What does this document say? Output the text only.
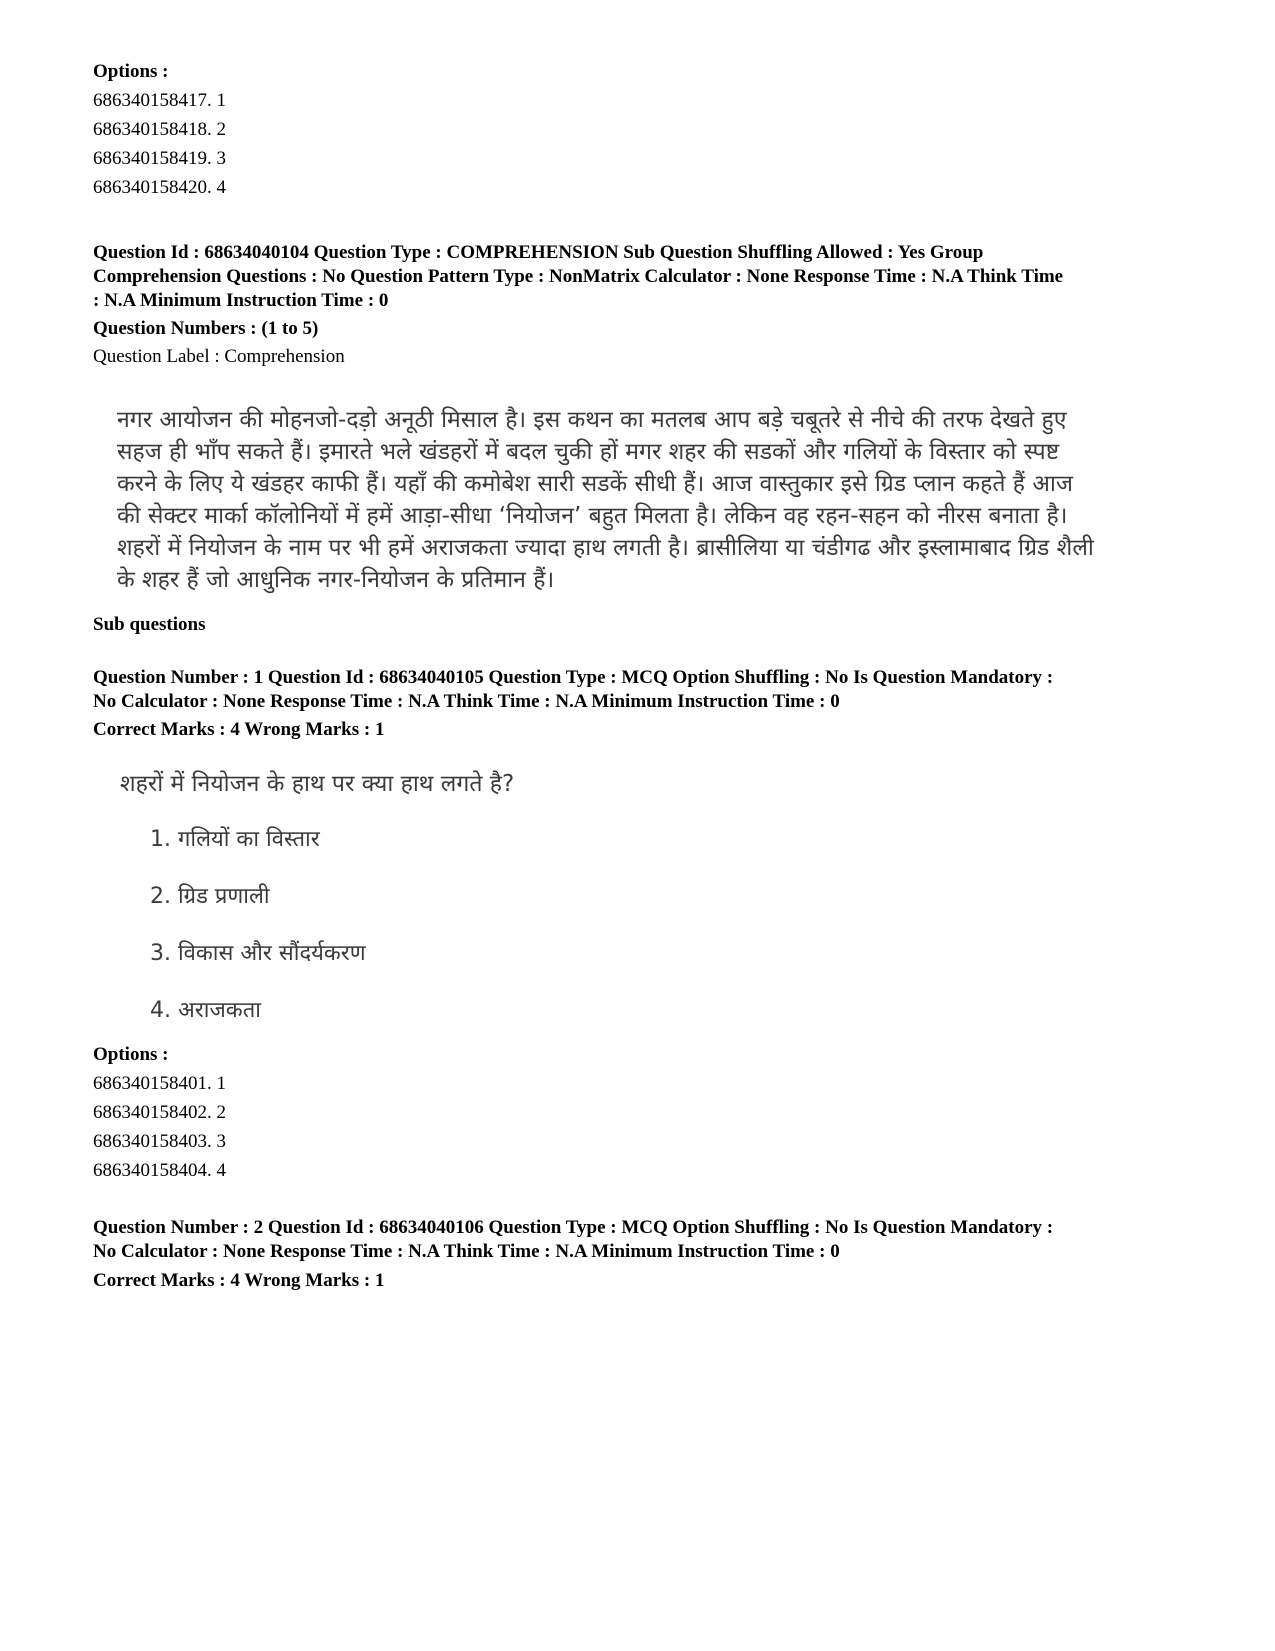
Options :
686340158417. 1
686340158418. 2
686340158419. 3
686340158420. 4
Question Id : 68634040104 Question Type : COMPREHENSION Sub Question Shuffling Allowed : Yes Group
Comprehension Questions : No Question Pattern Type : NonMatrix Calculator : None Response Time : N.A Think Time
: N.A Minimum Instruction Time : 0
Question Numbers : (1 to 5)
Question Label : Comprehension
नगर आयोजन की मोहनजो-दड़ो अनूठी मिसाल है। इस कथन का मतलब आप बड़े चबूतरे से नीचे की तरफ देखते हुए
सहज ही भाँप सकते हैं। इमारते भले खंडहरों में बदल चुकी हों मगर शहर की सडकों और गलियों के विस्तार को स्पष्ट
करने के लिए ये खंडहर काफी हैं। यहाँ की कमोबेश सारी सडकें सीधी हैं। आज वास्तुकार इसे ग्रिड प्लान कहते हैं आज
की सेक्टर मार्का कॉलोनियों में हमें आड़ा-सीधा ‘नियोजन’ बहुत मिलता है। लेकिन वह रहन-सहन को नीरस बनाता है।
शहरों में नियोजन के नाम पर भी हमें अराजकता ज्यादा हाथ लगती है। ब्रासीलिया या चंडीगढ और इस्लामाबाद ग्रिड शैली
के शहर हैं जो आधुनिक नगर-नियोजन के प्रतिमान हैं।
Sub questions
Question Number : 1 Question Id : 68634040105 Question Type : MCQ Option Shuffling : No Is Question Mandatory :
No Calculator : None Response Time : N.A Think Time : N.A Minimum Instruction Time : 0
Correct Marks : 4 Wrong Marks : 1
शहरों में नियोजन के हाथ पर क्या हाथ लगते है?
1. गलियों का विस्तार
2. ग्रिड प्रणाली
3. विकास और सौंदर्यकरण
4. अराजकता
Options :
686340158401. 1
686340158402. 2
686340158403. 3
686340158404. 4
Question Number : 2 Question Id : 68634040106 Question Type : MCQ Option Shuffling : No Is Question Mandatory :
No Calculator : None Response Time : N.A Think Time : N.A Minimum Instruction Time : 0
Correct Marks : 4 Wrong Marks : 1
